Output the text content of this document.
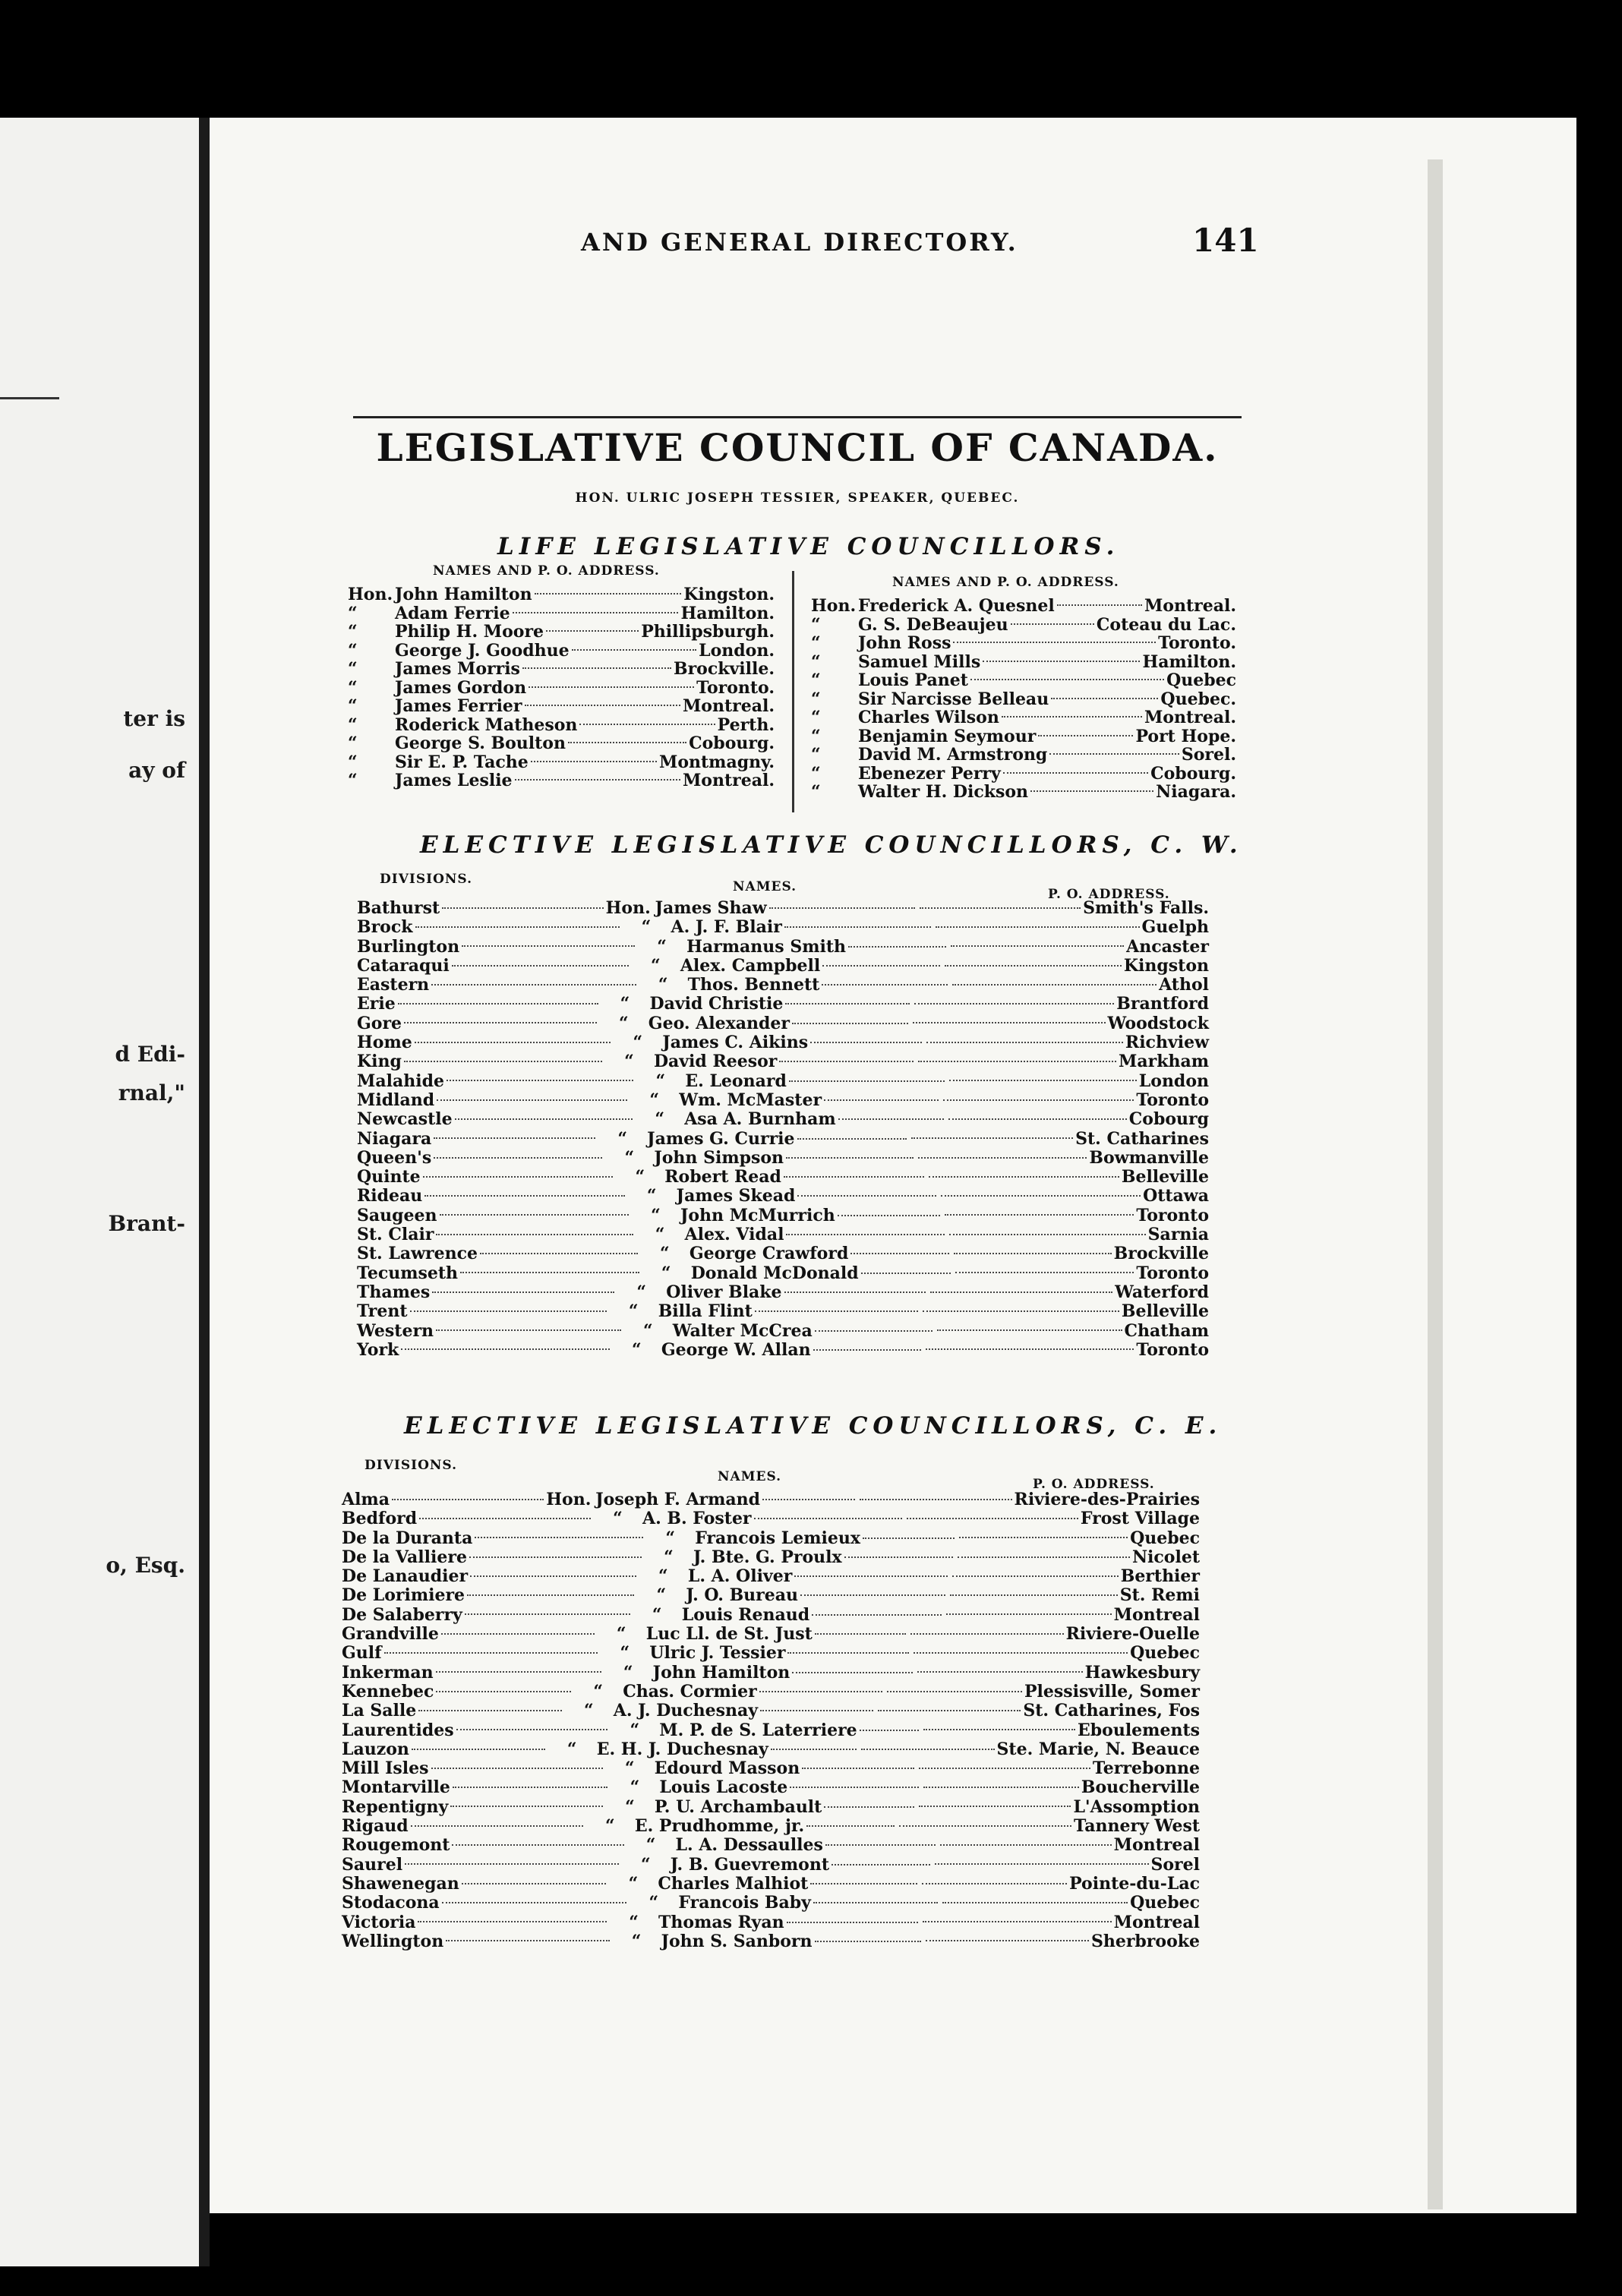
ter is
ay of
d Edi-
rnal,"
Brant-
o, Esq.
AND GENERAL DIRECTORY.	141
LEGISLATIVE COUNCIL OF CANADA.
HON. ULRIC JOSEPH TESSIER, SPEAKER, QUEBEC.
LIFE LEGISLATIVE COUNCILLORS.
NAMES AND P. O. ADDRESS.
NAMES AND P. O. ADDRESS.
Hon. John Hamilton	Kingston.
“	Adam Ferrie	Hamilton.
“	Philip H. Moore	Phillipsburgh.
“	George J. Goodhue	London.
“	James Morris	Brockville.
“	James Gordon	Toronto.
“	James Ferrier	Montreal.
“	Roderick Matheson	Perth.
“	George S. Boulton	Cobourg.
“	Sir E. P. Tache	Montmagny.
“	James Leslie	Montreal.
Hon. Frederick A. Quesnel	Montreal.
“	G. S. DeBeaujeu	Coteau du Lac.
“	John Ross	Toronto.
“	Samuel Mills	Hamilton.
“	Louis Panet	Quebec
“	Sir Narcisse Belleau	Quebec.
“	Charles Wilson	Montreal.
“	Benjamin Seymour	Port Hope.
“	David M. Armstrong	Sorel.
“	Ebenezer Perry	Cobourg.
“	Walter H. Dickson	Niagara.
ELECTIVE LEGISLATIVE COUNCILLORS, C. W.
DIVISIONS.	NAMES.	P. O. ADDRESS.
Bathurst	Hon. James Shaw	Smith's Falls.
Brock	“	A. J. F. Blair	Guelph
Burlington	“	Harmanus Smith	Ancaster
Cataraqui	“	Alex. Campbell	Kingston
Eastern	“	Thos. Bennett	Athol
Erie	“	David Christie	Brantford
Gore	“	Geo. Alexander	Woodstock
Home	“	James C. Aikins	Richview
King	“	David Reesor	Markham
Malahide	“	E. Leonard	London
Midland	“	Wm. McMaster	Toronto
Newcastle	“	Asa A. Burnham	Cobourg
Niagara	“	James G. Currie	St. Catharines
Queen's	“	John Simpson	Bowmanville
Quinte	“	Robert Read	Belleville
Rideau	“	James Skead	Ottawa
Saugeen	“	John McMurrich	Toronto
St. Clair	“	Alex. Vidal	Sarnia
St. Lawrence	“	George Crawford	Brockville
Tecumseth	“	Donald McDonald	Toronto
Thames	“	Oliver Blake	Waterford
Trent	“	Billa Flint	Belleville
Western	“	Walter McCrea	Chatham
York	“	George W. Allan	Toronto
ELECTIVE LEGISLATIVE COUNCILLORS, C. E.
DIVISIONS.
NAMES.	P. O. ADDRESS.
Alma	Hon. Joseph F. Armand	Riviere-des-Prairies
Bedford	“	A. B. Foster	Frost Village
De la Duranta	“	Francois Lemieux	Quebec
De la Valliere	“	J. Bte. G. Proulx	Nicolet
De Lanaudier	“	L. A. Oliver	Berthier
De Lorimiere	“	J. O. Bureau	St. Remi
De Salaberry	“	Louis Renaud	Montreal
Grandville	“	Luc Ll. de St. Just	Riviere-Ouelle
Gulf	“	Ulric J. Tessier	Quebec
Inkerman	“	John Hamilton	Hawkesbury
Kennebec	“	Chas. Cormier	Plessisville, Somer
La Salle	“	A. J. Duchesnay	St. Catharines, Fos
Laurentides	“	M. P. de S. Laterriere	Eboulements
Lauzon	“	E. H. J. Duchesnay	Ste. Marie, N. Beauce
Mill Isles	“	Edourd Masson	Terrebonne
Montarville	“	Louis Lacoste	Boucherville
Repentigny	“	P. U. Archambault	L'Assomption
Rigaud	“	E. Prudhomme, jr.	Tannery West
Rougemont	“	L. A. Dessaulles	Montreal
Saurel	“	J. B. Guevremont	Sorel
Shawenegan	“	Charles Malhiot	Pointe-du-Lac
Stodacona	“	Francois Baby	Quebec
Victoria	“	Thomas Ryan	Montreal
Wellington	“	John S. Sanborn	Sherbrooke
